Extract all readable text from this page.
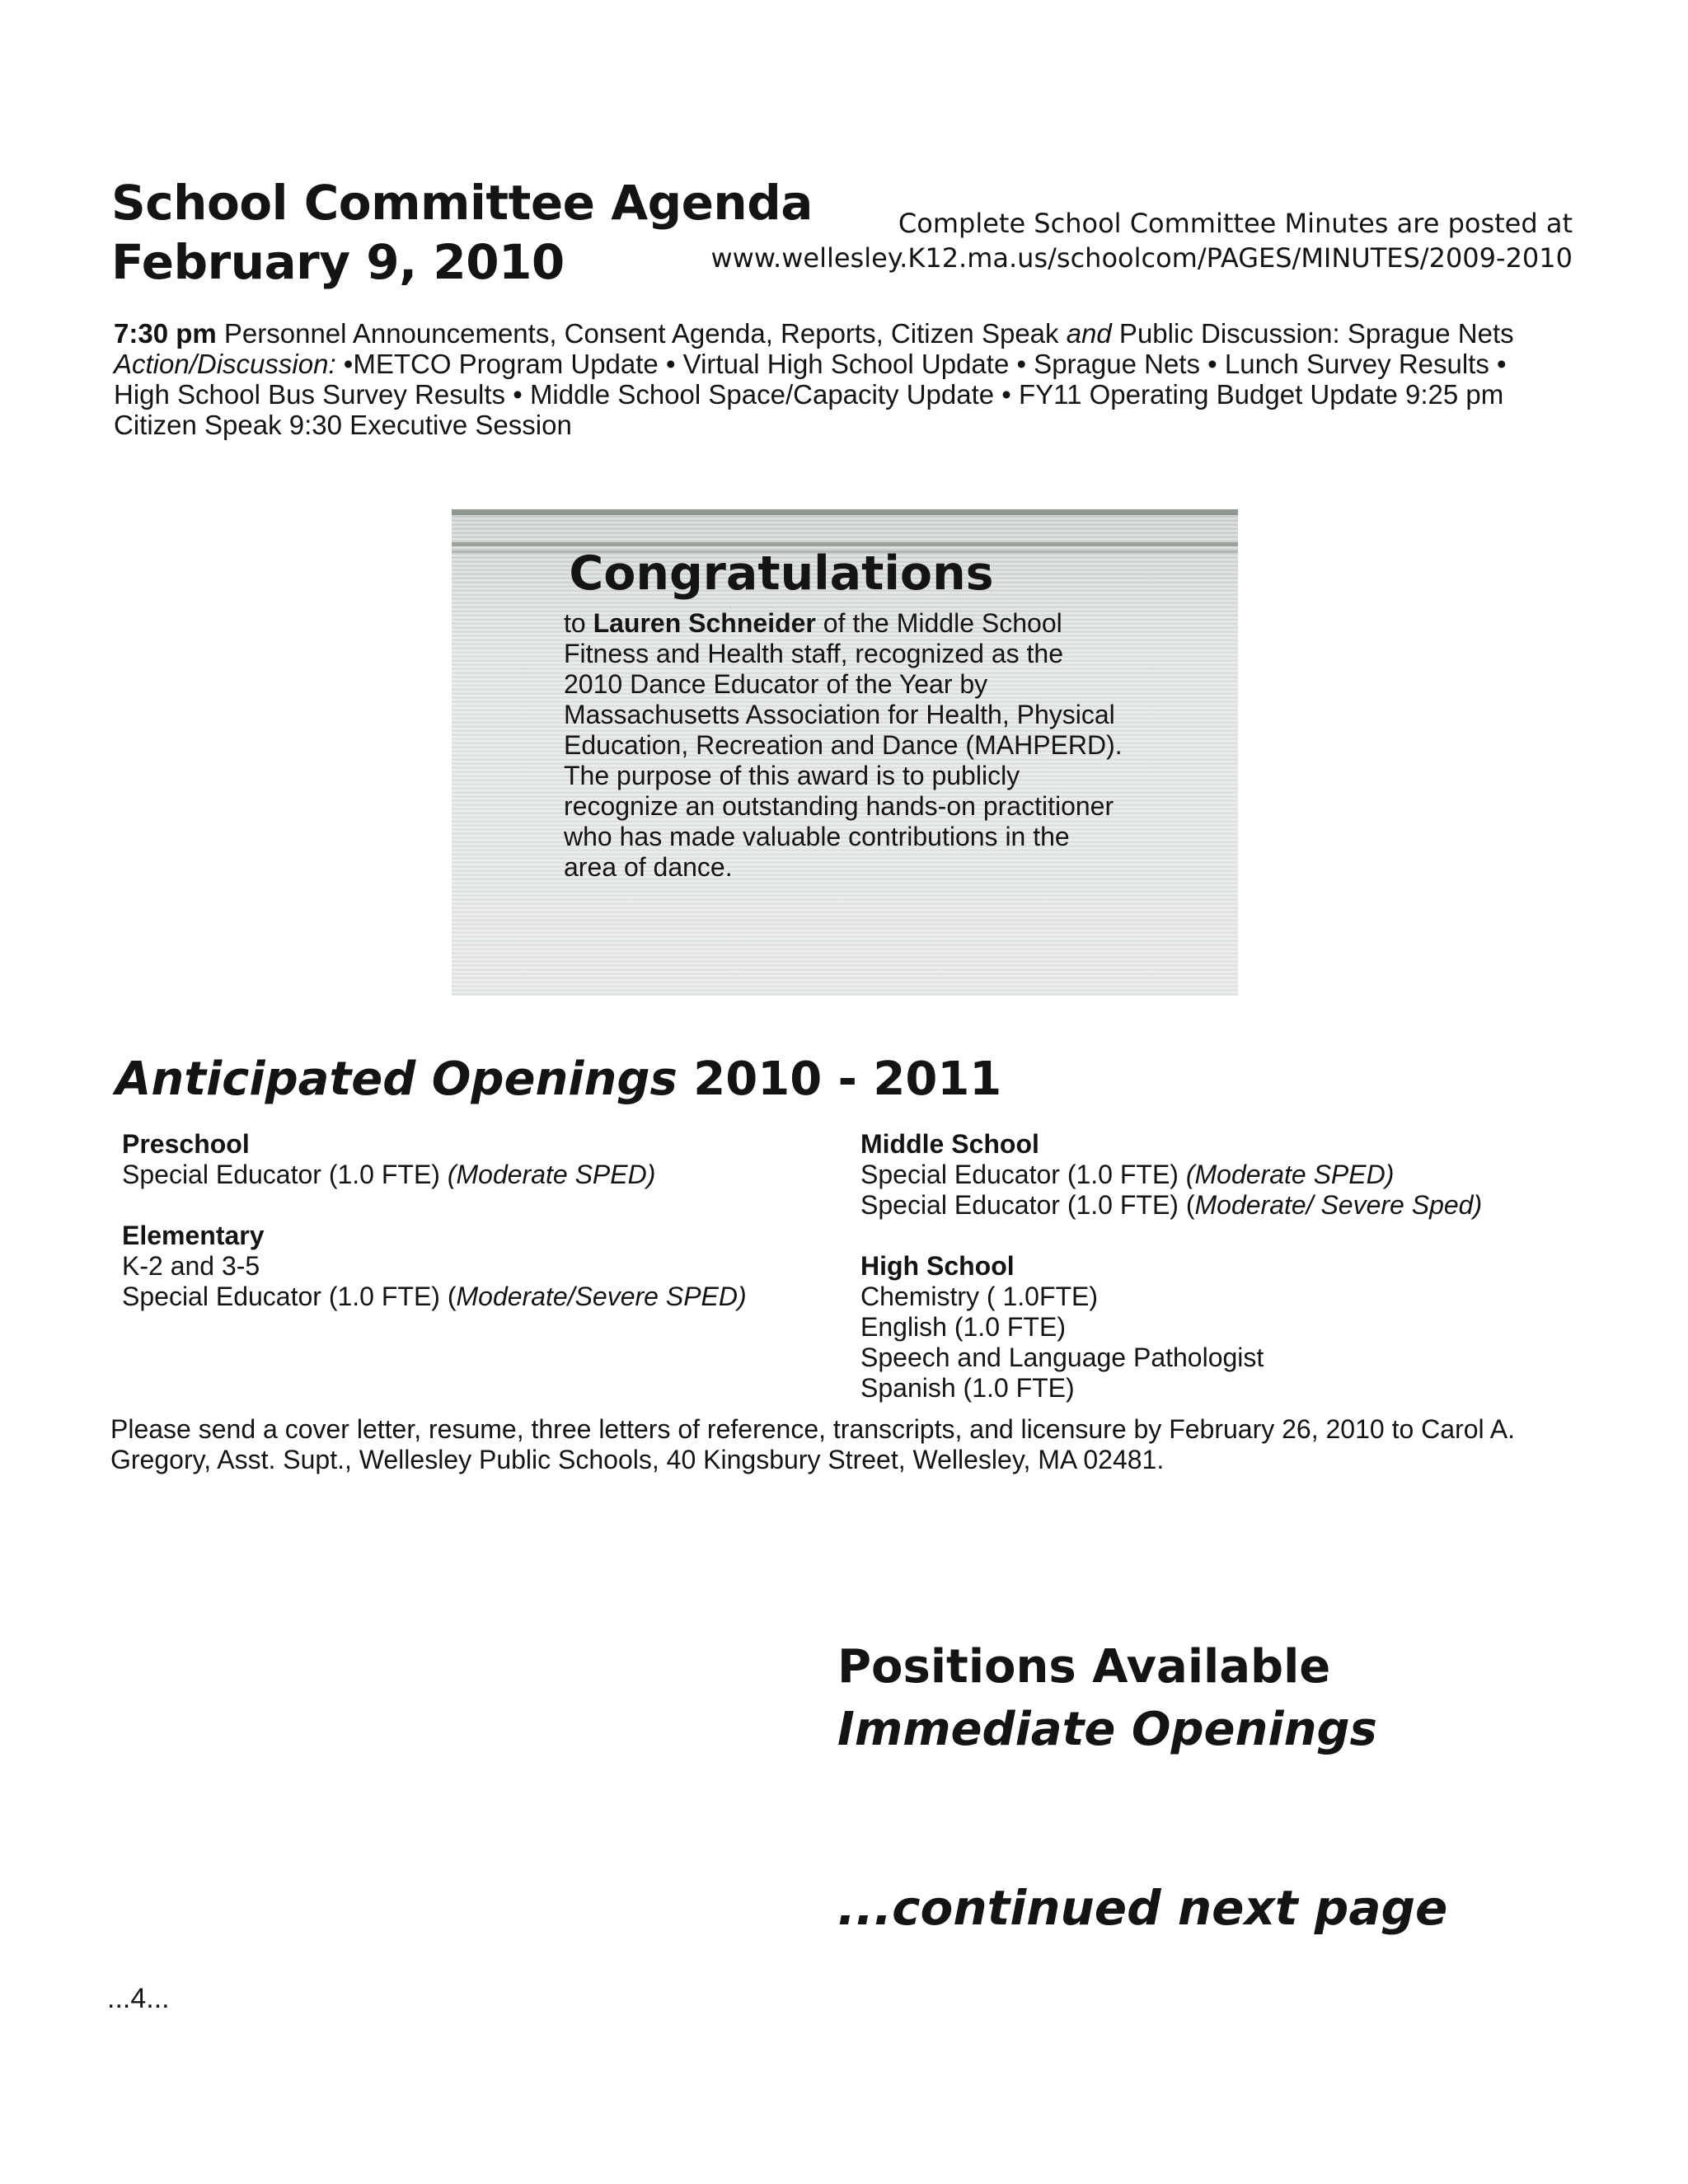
School Committee Agenda
February 9, 2010
Complete School Committee Minutes are posted at
www.wellesley.K12.ma.us/schoolcom/PAGES/MINUTES/2009-2010
7:30 pm Personnel Announcements, Consent Agenda, Reports, Citizen Speak and Public Discussion: Sprague Nets Action/Discussion: •METCO Program Update • Virtual High School Update • Sprague Nets • Lunch Survey Results • High School Bus Survey Results • Middle School Space/Capacity Update • FY11 Operating Budget Update 9:25 pm Citizen Speak 9:30 Executive Session
Congratulations
to Lauren Schneider of the Middle School Fitness and Health staff, recognized as the 2010 Dance Educator of the Year by Massachusetts Association for Health, Physical Education, Recreation and Dance (MAHPERD). The purpose of this award is to publicly recognize an outstanding hands-on practitioner who has made valuable contributions in the area of dance.
Anticipated Openings 2010 - 2011
Preschool
Special Educator (1.0 FTE) (Moderate SPED)
Elementary
K-2 and 3-5
Special Educator (1.0 FTE) (Moderate/Severe SPED)
Middle School
Special Educator (1.0 FTE) (Moderate SPED)
Special Educator (1.0 FTE) (Moderate/ Severe Sped)
High School
Chemistry ( 1.0FTE)
English (1.0 FTE)
Speech and Language Pathologist
Spanish (1.0 FTE)
Please send a cover letter, resume, three letters of reference, transcripts, and licensure by February 26, 2010 to Carol A. Gregory, Asst. Supt., Wellesley Public Schools, 40 Kingsbury Street, Wellesley, MA 02481.
Positions Available
Immediate Openings
...continued next page
...4...
